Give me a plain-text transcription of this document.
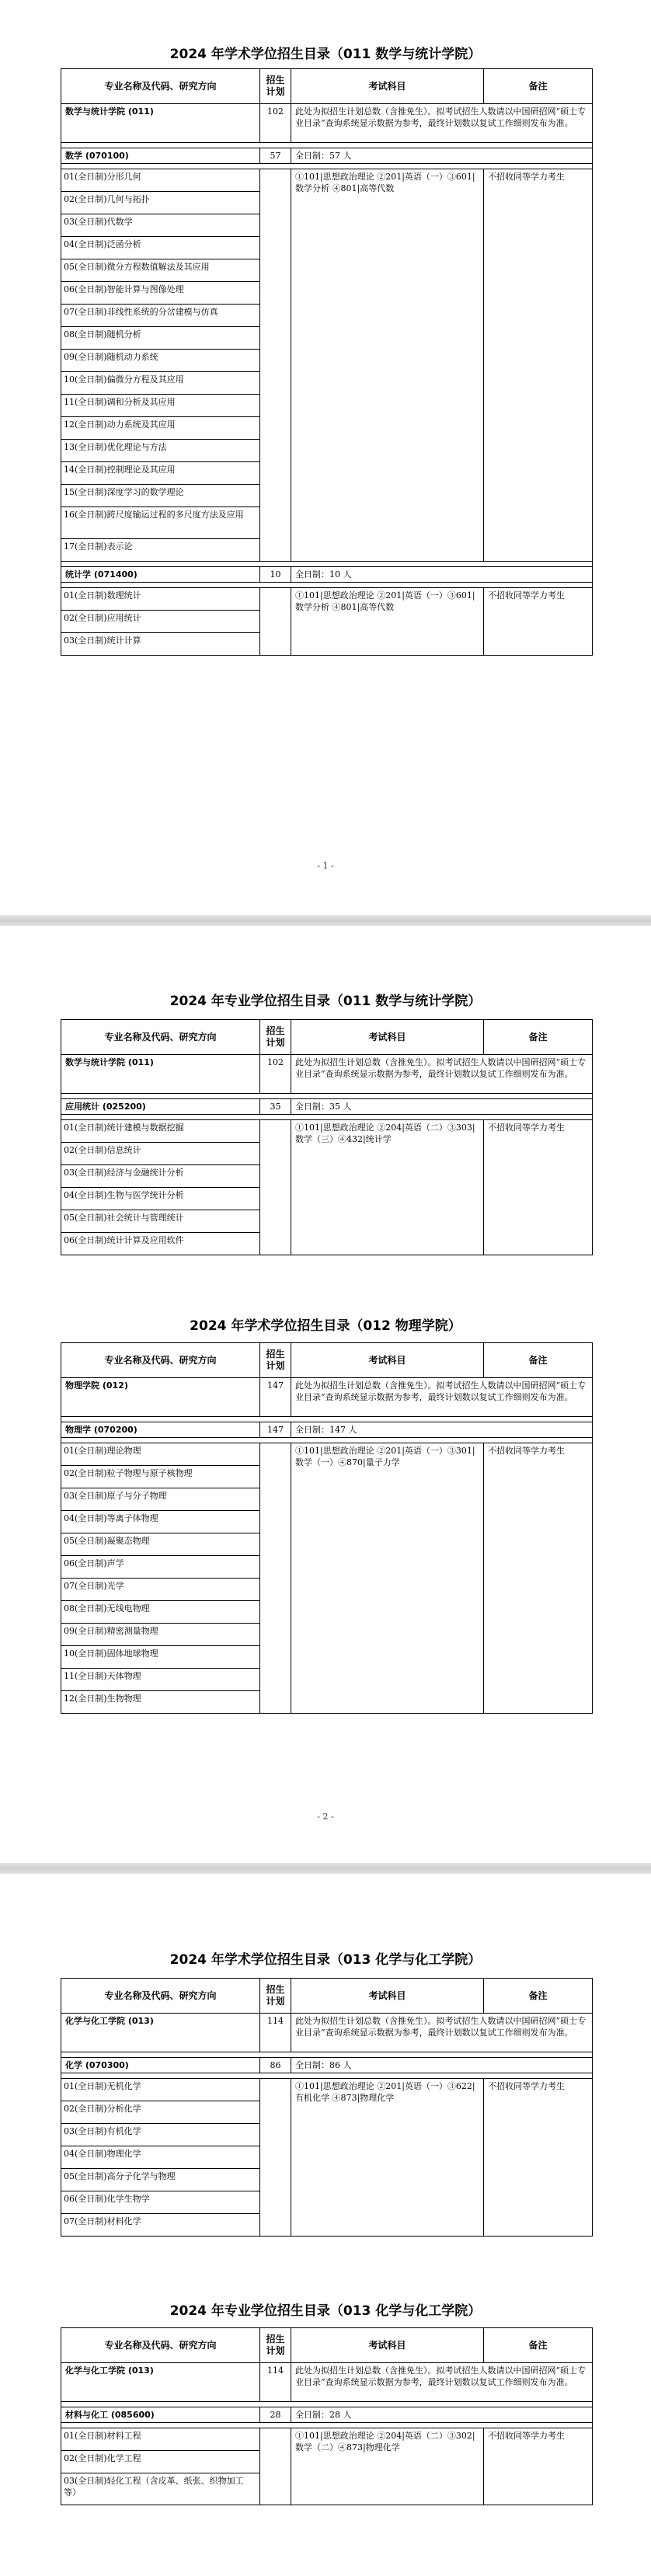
2024 年学术学位招生目录（011 数学与统计学院）
专业名称及代码、研究方向	招生计划	考试科目	备注
数学与统计学院 (011)	102	此处为拟招生计划总数（含推免生）。拟考试招生人数请以中国研招网“硕士专业目录”查询系统显示数据为参考，最终计划数以复试工作细则发布为准。	

数学 (070100)	57	全日制：57 人	

01(全日制)分形几何		①101|思想政治理论 ②201|英语（一）③601|数学分析 ④801|高等代数	不招收同等学力考生
02(全日制)几何与拓扑			
03(全日制)代数学			
04(全日制)泛函分析			
05(全日制)微分方程数值解法及其应用			
06(全日制)智能计算与图像处理			
07(全日制)非线性系统的分岔建模与仿真			
08(全日制)随机分析			
09(全日制)随机动力系统			
10(全日制)偏微分方程及其应用			
11(全日制)调和分析及其应用			
12(全日制)动力系统及其应用			
13(全日制)优化理论与方法			
14(全日制)控制理论及其应用			
15(全日制)深度学习的数学理论			
16(全日制)跨尺度输运过程的多尺度方法及应用			
17(全日制)表示论			

统计学 (071400)	10	全日制：10 人	

01(全日制)数理统计		①101|思想政治理论 ②201|英语（一）③601|数学分析 ④801|高等代数	不招收同等学力考生
02(全日制)应用统计			
03(全日制)统计计算			
- 1 -
2024 年专业学位招生目录（011 数学与统计学院）
专业名称及代码、研究方向	招生计划	考试科目	备注
数学与统计学院 (011)	102	此处为拟招生计划总数（含推免生）。拟考试招生人数请以中国研招网“硕士专业目录”查询系统显示数据为参考，最终计划数以复试工作细则发布为准。	

应用统计 (025200)	35	全日制：35 人	

01(全日制)统计建模与数据挖掘		①101|思想政治理论 ②204|英语（二）③303|数学（三）④432|统计学	不招收同等学力考生
02(全日制)信息统计			
03(全日制)经济与金融统计分析			
04(全日制)生物与医学统计分析			
05(全日制)社会统计与管理统计			
06(全日制)统计计算及应用软件			
2024 年学术学位招生目录（012 物理学院）
专业名称及代码、研究方向	招生计划	考试科目	备注
物理学院 (012)	147	此处为拟招生计划总数（含推免生）。拟考试招生人数请以中国研招网“硕士专业目录”查询系统显示数据为参考，最终计划数以复试工作细则发布为准。	

物理学 (070200)	147	全日制：147 人	

01(全日制)理论物理		①101|思想政治理论 ②201|英语（一）③301|数学（一）④870|量子力学	不招收同等学力考生
02(全日制)粒子物理与原子核物理			
03(全日制)原子与分子物理			
04(全日制)等离子体物理			
05(全日制)凝聚态物理			
06(全日制)声学			
07(全日制)光学			
08(全日制)无线电物理			
09(全日制)精密测量物理			
10(全日制)固体地球物理			
11(全日制)天体物理			
12(全日制)生物物理			
- 2 -
2024 年学术学位招生目录（013 化学与化工学院）
专业名称及代码、研究方向	招生计划	考试科目	备注
化学与化工学院 (013)	114	此处为拟招生计划总数（含推免生）。拟考试招生人数请以中国研招网“硕士专业目录”查询系统显示数据为参考，最终计划数以复试工作细则发布为准。	

化学 (070300)	86	全日制：86 人	

01(全日制)无机化学		①101|思想政治理论 ②201|英语（一）③622|有机化学 ④873|物理化学	不招收同等学力考生
02(全日制)分析化学			
03(全日制)有机化学			
04(全日制)物理化学			
05(全日制)高分子化学与物理			
06(全日制)化学生物学			
07(全日制)材料化学			
2024 年专业学位招生目录（013 化学与化工学院）
专业名称及代码、研究方向	招生计划	考试科目	备注
化学与化工学院 (013)	114	此处为拟招生计划总数（含推免生）。拟考试招生人数请以中国研招网“硕士专业目录”查询系统显示数据为参考，最终计划数以复试工作细则发布为准。	

材料与化工 (085600)	28	全日制：28 人	

01(全日制)材料工程		①101|思想政治理论 ②204|英语（二）③302|数学（二）④873|物理化学	不招收同等学力考生
02(全日制)化学工程			
03(全日制)轻化工程（含皮革、纸张、织物加工等）			
